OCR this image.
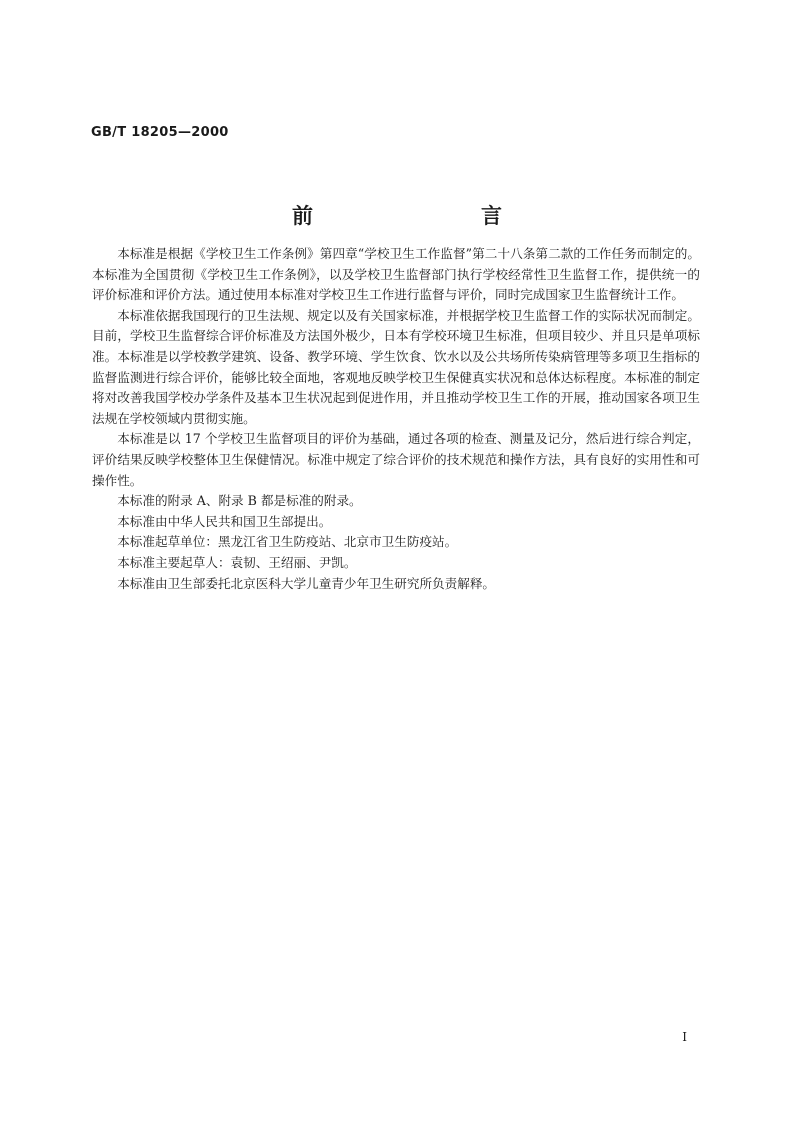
GB/T 18205—2000
前　　言

本标准是根据《学校卫生工作条例》第四章“学校卫生工作监督”第二十八条第二款的工作任务而制定的。本标准为全国贯彻《学校卫生工作条例》，以及学校卫生监督部门执行学校经常性卫生监督工作，提供统一的评价标准和评价方法。通过使用本标准对学校卫生工作进行监督与评价，同时完成国家卫生监督统计工作。

本标准依据我国现行的卫生法规、规定以及有关国家标准，并根据学校卫生监督工作的实际状况而制定。目前，学校卫生监督综合评价标准及方法国外极少，日本有学校环境卫生标准，但项目较少、并且只是单项标准。本标准是以学校教学建筑、设备、教学环境、学生饮食、饮水以及公共场所传染病管理等多项卫生指标的监督监测进行综合评价，能够比较全面地，客观地反映学校卫生保健真实状况和总体达标程度。本标准的制定将对改善我国学校办学条件及基本卫生状况起到促进作用，并且推动学校卫生工作的开展，推动国家各项卫生法规在学校领域内贯彻实施。

本标准是以 17 个学校卫生监督项目的评价为基础，通过各项的检查、测量及记分，然后进行综合判定，评价结果反映学校整体卫生保健情况。标准中规定了综合评价的技术规范和操作方法，具有良好的实用性和可操作性。

本标准的附录 A、附录 B 都是标准的附录。

本标准由中华人民共和国卫生部提出。

本标准起草单位：黑龙江省卫生防疫站、北京市卫生防疫站。

本标准主要起草人：袁韧、王绍丽、尹凯。

本标准由卫生部委托北京医科大学儿童青少年卫生研究所负责解释。

I
